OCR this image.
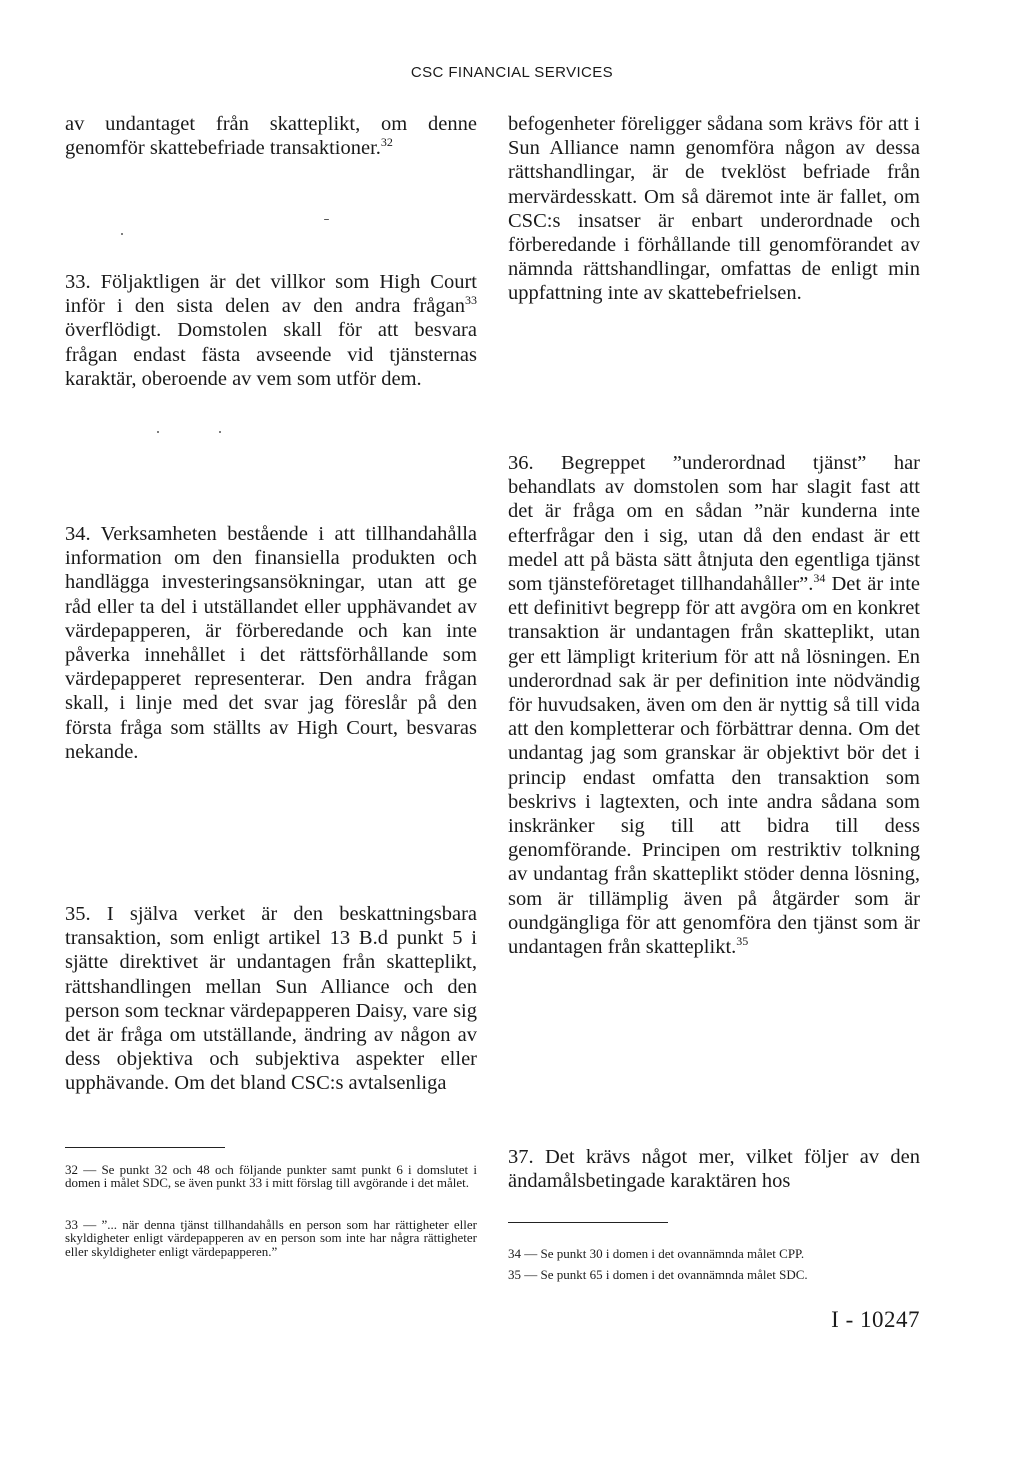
CSC FINANCIAL SERVICES

av undantaget från skatteplikt, om denne genomför skattebefriade transaktioner.$^{32}$

33. Följaktligen är det villkor som High Court inför i den sista delen av den andra frågan$^{33}$ överflödigt. Domstolen skall för att besvara frågan endast fästa avseende vid tjänsternas karaktär, oberoende av vem som utför dem.

34. Verksamheten bestående i att tillhandahålla information om den finansiella produkten och handlägga investeringsansökningar, utan att ge råd eller ta del i utställandet eller upphävandet av värdepapperen, är förberedande och kan inte påverka innehållet i det rättsförhållande som värdepapperet representerar. Den andra frågan skall, i linje med det svar jag föreslår på den första fråga som ställts av High Court, besvaras nekande.

35. I själva verket är den beskattningsbara transaktion, som enligt artikel 13 B.d punkt 5 i sjätte direktivet är undantagen från skatteplikt, rättshandlingen mellan Sun Alliance och den person som tecknar värdepapperen Daisy, vare sig det är fråga om utställande, ändring av någon av dess objektiva och subjektiva aspekter eller upphävande. Om det bland CSC:s avtalsenliga

32 — Se punkt 32 och 48 och följande punkter samt punkt 6 i domslutet i domen i målet SDC, se även punkt 33 i mitt förslag till avgörande i det målet.

33 — ”... när denna tjänst tillhandahålls en person som har rättigheter eller skyldigheter enligt värdepapperen av en person som inte har några rättigheter eller skyldigheter enligt värdepapperen.”

befogenheter föreligger sådana som krävs för att i Sun Alliance namn genomföra någon av dessa rättshandlingar, är de tveklöst befriade från mervärdesskatt. Om så däremot inte är fallet, om CSC:s insatser är enbart underordnade och förberedande i förhållande till genomförandet av nämnda rättshandlingar, omfattas de enligt min uppfattning inte av skattebefrielsen.

36. Begreppet ”underordnad tjänst” har behandlats av domstolen som har slagit fast att det är fråga om en sådan ”när kunderna inte efterfrågar den i sig, utan då den endast är ett medel att på bästa sätt åtnjuta den egentliga tjänst som tjänsteföretaget tillhandahåller”.$^{34}$ Det är inte ett definitivt begrepp för att avgöra om en konkret transaktion är undantagen från skatteplikt, utan ger ett lämpligt kriterium för att nå lösningen. En underordnad sak är per definition inte nödvändig för huvudsaken, även om den är nyttig så till vida att den kompletterar och förbättrar denna. Om det undantag jag som granskar är objektivt bör det i princip endast omfatta den transaktion som beskrivs i lagtexten, och inte andra sådana som inskränker sig till att bidra till dess genomförande. Principen om restriktiv tolkning av undantag från skatteplikt stöder denna lösning, som är tillämplig även på åtgärder som är oundgängliga för att genomföra den tjänst som är undantagen från skatteplikt.$^{35}$

37. Det krävs något mer, vilket följer av den ändamålsbetingade karaktären hos

34 — Se punkt 30 i domen i det ovannämnda målet CPP.

35 — Se punkt 65 i domen i det ovannämnda målet SDC.

I - 10247
